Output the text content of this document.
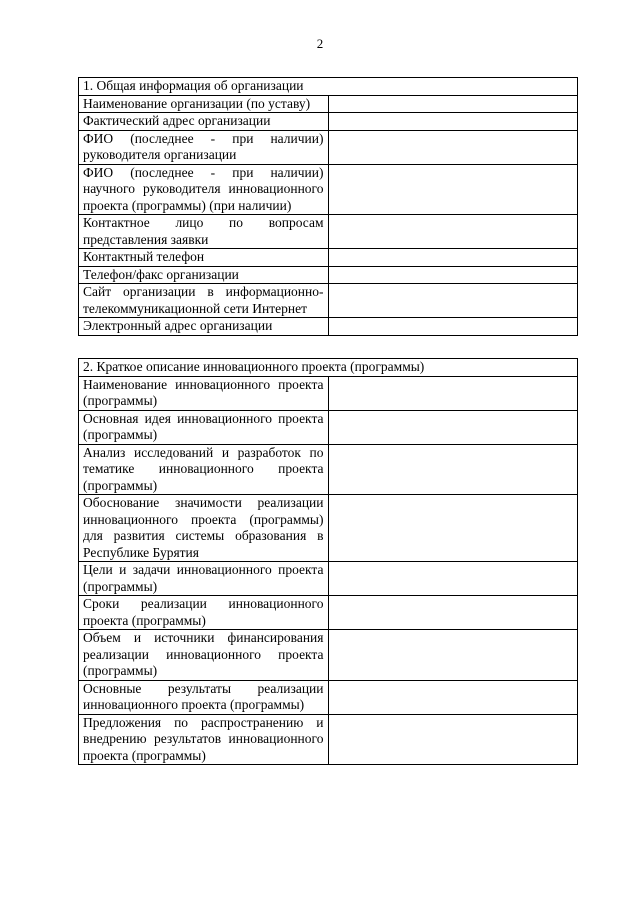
2
1. Общая информация об организации	
Наименование организации (по уставу)	
Фактический адрес организации	
ФИО (последнее - при наличии) руководителя организации	
ФИО (последнее - при наличии) научного руководителя инновационного проекта (программы) (при наличии)	
Контактное лицо по вопросам представления заявки	
Контактный телефон	
Телефон/факс организации	
Сайт организации в информационно-телекоммуникационной сети Интернет	
Электронный адрес организации	
2. Краткое описание инновационного проекта (программы)	
Наименование инновационного проекта (программы)	
Основная идея инновационного проекта (программы)	
Анализ исследований и разработок по тематике инновационного проекта (программы)	
Обоснование значимости реализации инновационного проекта (программы) для развития системы образования в Республике Бурятия	
Цели и задачи инновационного проекта (программы)	
Сроки реализации инновационного проекта (программы)	
Объем и источники финансирования реализации инновационного проекта (программы)	
Основные результаты реализации инновационного проекта (программы)	
Предложения по распространению и внедрению результатов инновационного проекта (программы)	
